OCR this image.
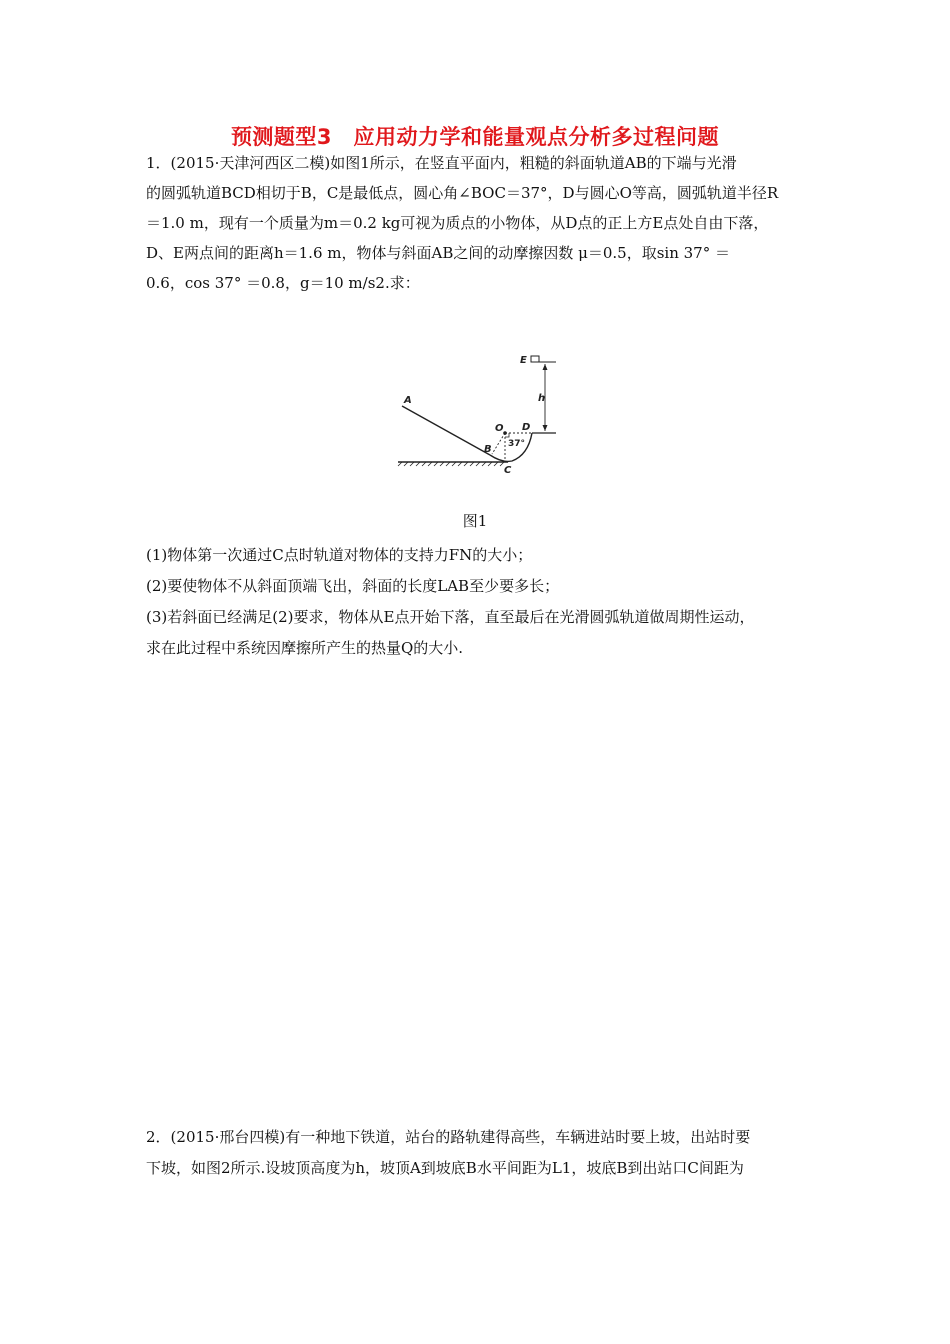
预测题型3　应用动力学和能量观点分析多过程问题

1．(2015·天津河西区二模)如图1所示，在竖直平面内，粗糙的斜面轨道AB的下端与光滑

的圆弧轨道BCD相切于B，C是最低点，圆心角∠BOC＝37°，D与圆心O等高，圆弧轨道半径R

＝1.0 m，现有一个质量为m＝0.2 kg可视为质点的小物体，从D点的正上方E点处自由下落，

D、E两点间的距离h＝1.6 m，物体与斜面AB之间的动摩擦因数 μ＝0.5，取sin 37° ＝

0.6，cos 37° ＝0.8，g＝10 m/s2.求：

A
B
C
D
E
O
h
37°
图1

(1)物体第一次通过C点时轨道对物体的支持力FN的大小；

(2)要使物体不从斜面顶端飞出，斜面的长度LAB至少要多长；

(3)若斜面已经满足(2)要求，物体从E点开始下落，直至最后在光滑圆弧轨道做周期性运动，

求在此过程中系统因摩擦所产生的热量Q的大小.

2．(2015·邢台四模)有一种地下铁道，站台的路轨建得高些，车辆进站时要上坡，出站时要

下坡，如图2所示.设坡顶高度为h，坡顶A到坡底B水平间距为L1，坡底B到出站口C间距为
